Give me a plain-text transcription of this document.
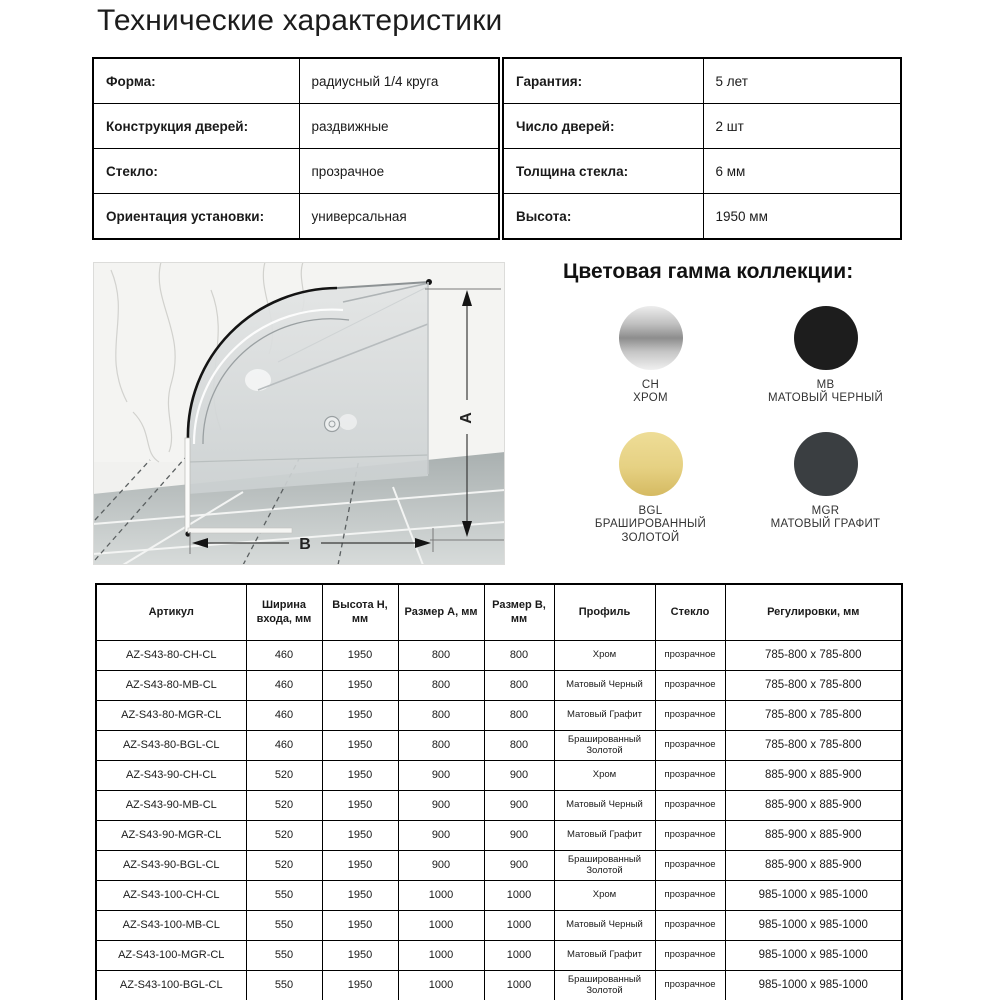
Технические характеристики
Форма:	радиусный 1/4 круга
Конструкция дверей:	раздвижные
Стекло:	прозрачное
Ориентация установки:	универсальная
Гарантия:	5 лет
Число дверей:	2 шт
Толщина стекла:	6 мм
Высота:	1950 мм
A
B

Цветовая гамма коллекции:

CH
ХРОМ
MB
МАТОВЫЙ ЧЕРНЫЙ
BGL
БРАШИРОВАННЫЙ ЗОЛОТОЙ
MGR
МАТОВЫЙ ГРАФИТ
Артикул	Ширина входа, мм	Высота H, мм	Размер A, мм	Размер B, мм	Профиль	Стекло	Регулировки, мм
AZ-S43-80-CH-CL	460	1950	800	800	Хром	прозрачное	785-800 x 785-800
AZ-S43-80-MB-CL	460	1950	800	800	Матовый Черный	прозрачное	785-800 x 785-800
AZ-S43-80-MGR-CL	460	1950	800	800	Матовый Графит	прозрачное	785-800 x 785-800
AZ-S43-80-BGL-CL	460	1950	800	800	Брашированный Золотой	прозрачное	785-800 x 785-800
AZ-S43-90-CH-CL	520	1950	900	900	Хром	прозрачное	885-900 x 885-900
AZ-S43-90-MB-CL	520	1950	900	900	Матовый Черный	прозрачное	885-900 x 885-900
AZ-S43-90-MGR-CL	520	1950	900	900	Матовый Графит	прозрачное	885-900 x 885-900
AZ-S43-90-BGL-CL	520	1950	900	900	Брашированный Золотой	прозрачное	885-900 x 885-900
AZ-S43-100-CH-CL	550	1950	1000	1000	Хром	прозрачное	985-1000 x 985-1000
AZ-S43-100-MB-CL	550	1950	1000	1000	Матовый Черный	прозрачное	985-1000 x 985-1000
AZ-S43-100-MGR-CL	550	1950	1000	1000	Матовый Графит	прозрачное	985-1000 x 985-1000
AZ-S43-100-BGL-CL	550	1950	1000	1000	Брашированный Золотой	прозрачное	985-1000 x 985-1000
